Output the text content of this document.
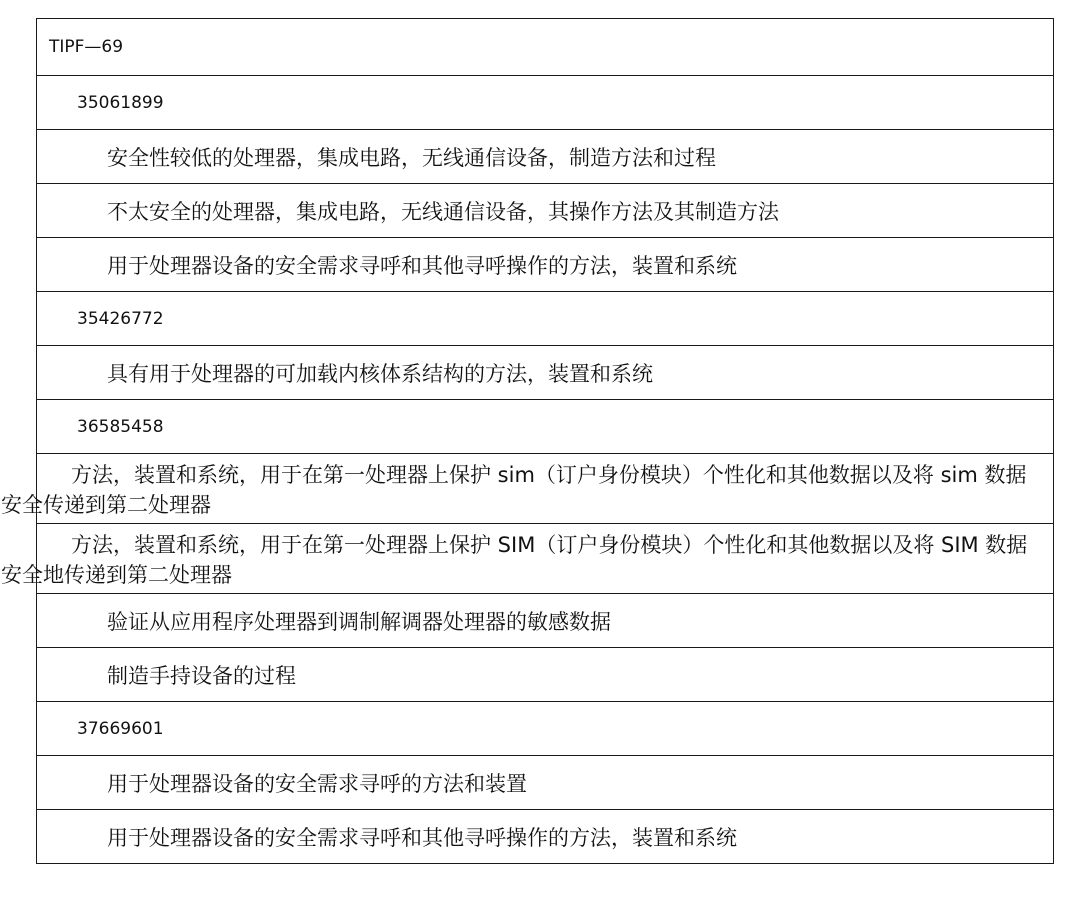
TIPF—69
35061899
安全性较低的处理器，集成电路，无线通信设备，制造方法和过程
不太安全的处理器，集成电路，无线通信设备，其操作方法及其制造方法
用于处理器设备的安全需求寻呼和其他寻呼操作的方法，装置和系统
35426772
具有用于处理器的可加载内核体系结构的方法，装置和系统
36585458
方法，装置和系统，用于在第一处理器上保护 sim（订户身份模块）个性化和其他数据以及将 sim 数据安全传递到第二处理器
方法，装置和系统，用于在第一处理器上保护 SIM（订户身份模块）个性化和其他数据以及将 SIM 数据安全地传递到第二处理器
验证从应用程序处理器到调制解调器处理器的敏感数据
制造手持设备的过程
37669601
用于处理器设备的安全需求寻呼的方法和装置
用于处理器设备的安全需求寻呼和其他寻呼操作的方法，装置和系统
